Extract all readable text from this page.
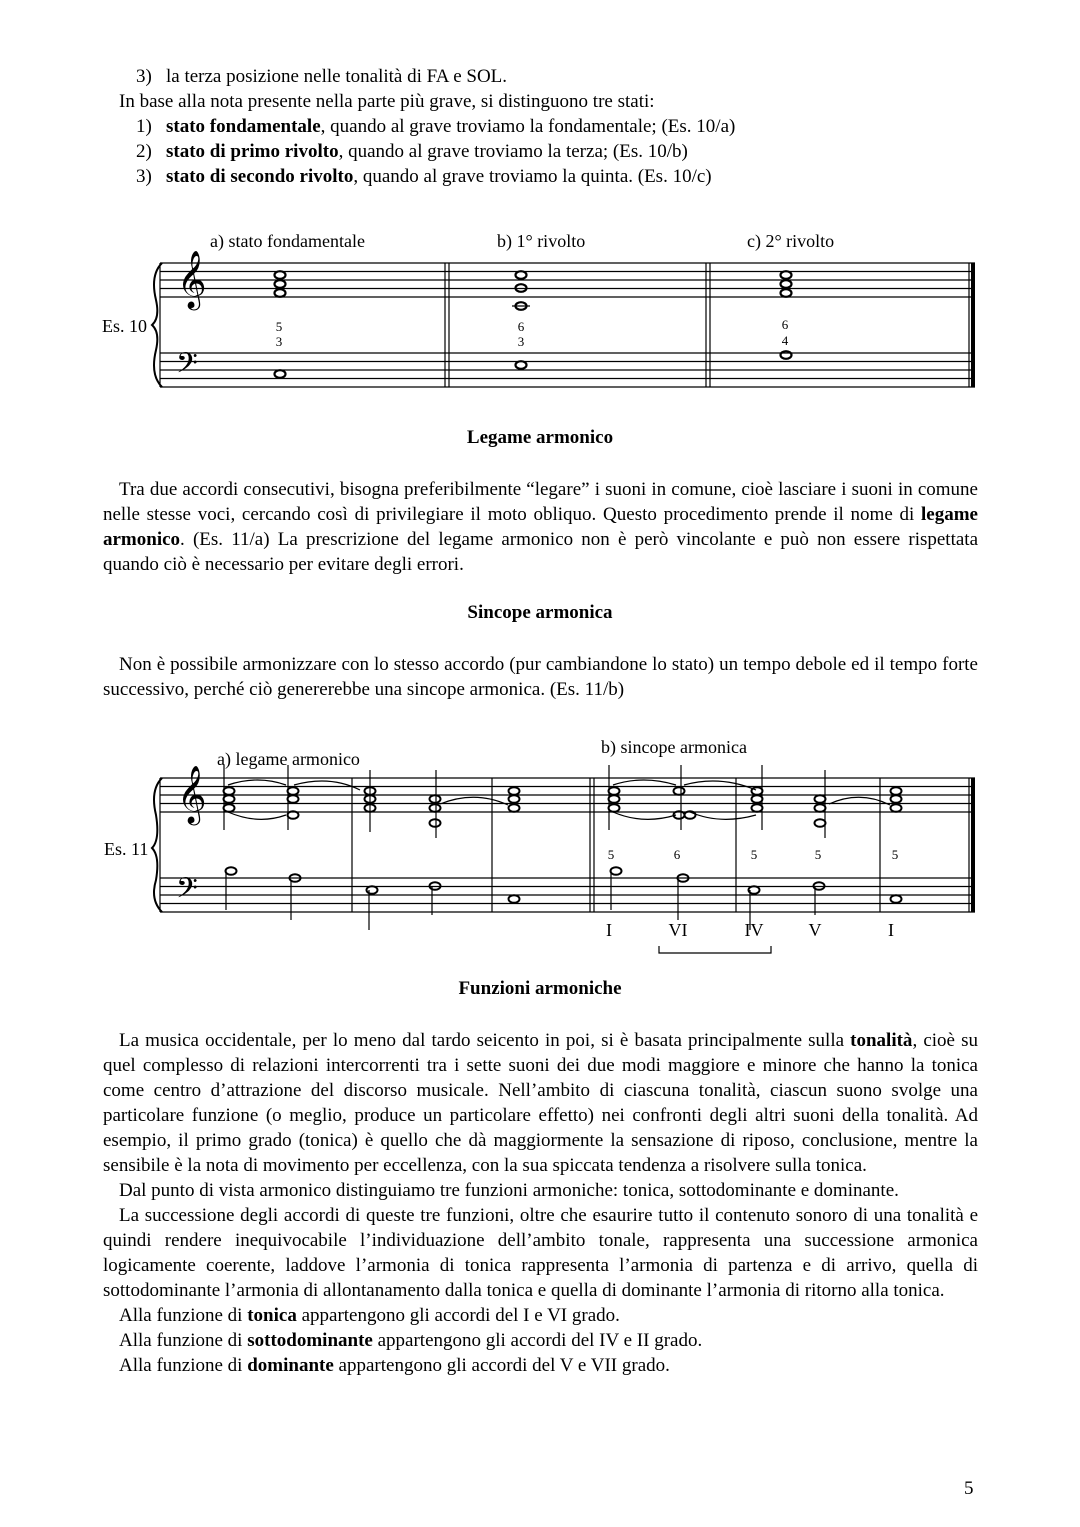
3) la terza posizione nelle tonalità di FA e SOL.
In base alla nota presente nella parte più grave, si distinguono tre stati:
1) stato fondamentale, quando al grave troviamo la fondamentale; (Es. 10/a)
2) stato di primo rivolto, quando al grave troviamo la terza; (Es. 10/b)
3) stato di secondo rivolto, quando al grave troviamo la quinta. (Es. 10/c)
𝄞
𝄢
Es. 10
a) stato fondamentale	b) 1° rivolto	c) 2° rivolto
5
3
6
3
6
4
Legame armonico

Tra due accordi consecutivi, bisogna preferibilmente “legare” i suoni in comune, cioè lasciare i suoni in comune nelle stesse voci, cercando così di privilegiare il moto obliquo. Questo procedimento prende il nome di legame armonico. (Es. 11/a) La prescrizione del legame armonico non è però vincolante e può non essere rispettata quando ciò è necessario per evitare degli errori.

Sincope armonica

Non è possibile armonizzare con lo stesso accordo (pur cambiandone lo stato) un tempo debole ed il tempo forte successivo, perché ciò genererebbe una sincope armonica. (Es. 11/b)

𝄞
𝄢
Es. 11
a) legame armonico
b) sincope armonica
5	6	5	5	5
I	VI	IV	V	I
Funzioni armoniche

La musica occidentale, per lo meno dal tardo seicento in poi, si è basata principalmente sulla tonalità, cioè su quel complesso di relazioni intercorrenti tra i sette suoni dei due modi maggiore e minore che hanno la tonica come centro d’attrazione del discorso musicale. Nell’ambito di ciascuna tonalità, ciascun suono svolge una particolare funzione (o meglio, produce un particolare effetto) nei confronti degli altri suoni della tonalità. Ad esempio, il primo grado (tonica) è quello che dà maggiormente la sensazione di riposo, conclusione, mentre la sensibile è la nota di movimento per eccellenza, con la sua spiccata tendenza a risolvere sulla tonica.

Dal punto di vista armonico distinguiamo tre funzioni armoniche: tonica, sottodominante e dominante.

La successione degli accordi di queste tre funzioni, oltre che esaurire tutto il contenuto sonoro di una tonalità e quindi rendere inequivocabile l’individuazione dell’ambito tonale, rappresenta una successione armonica logicamente coerente, laddove l’armonia di tonica rappresenta l’armonia di partenza e di arrivo, quella di sottodominante l’armonia di allontanamento dalla tonica e quella di dominante l’armonia di ritorno alla tonica.

Alla funzione di tonica appartengono gli accordi del I e VI grado.

Alla funzione di sottodominante appartengono gli accordi del IV e II grado.

Alla funzione di dominante appartengono gli accordi del V e VII grado.

5
